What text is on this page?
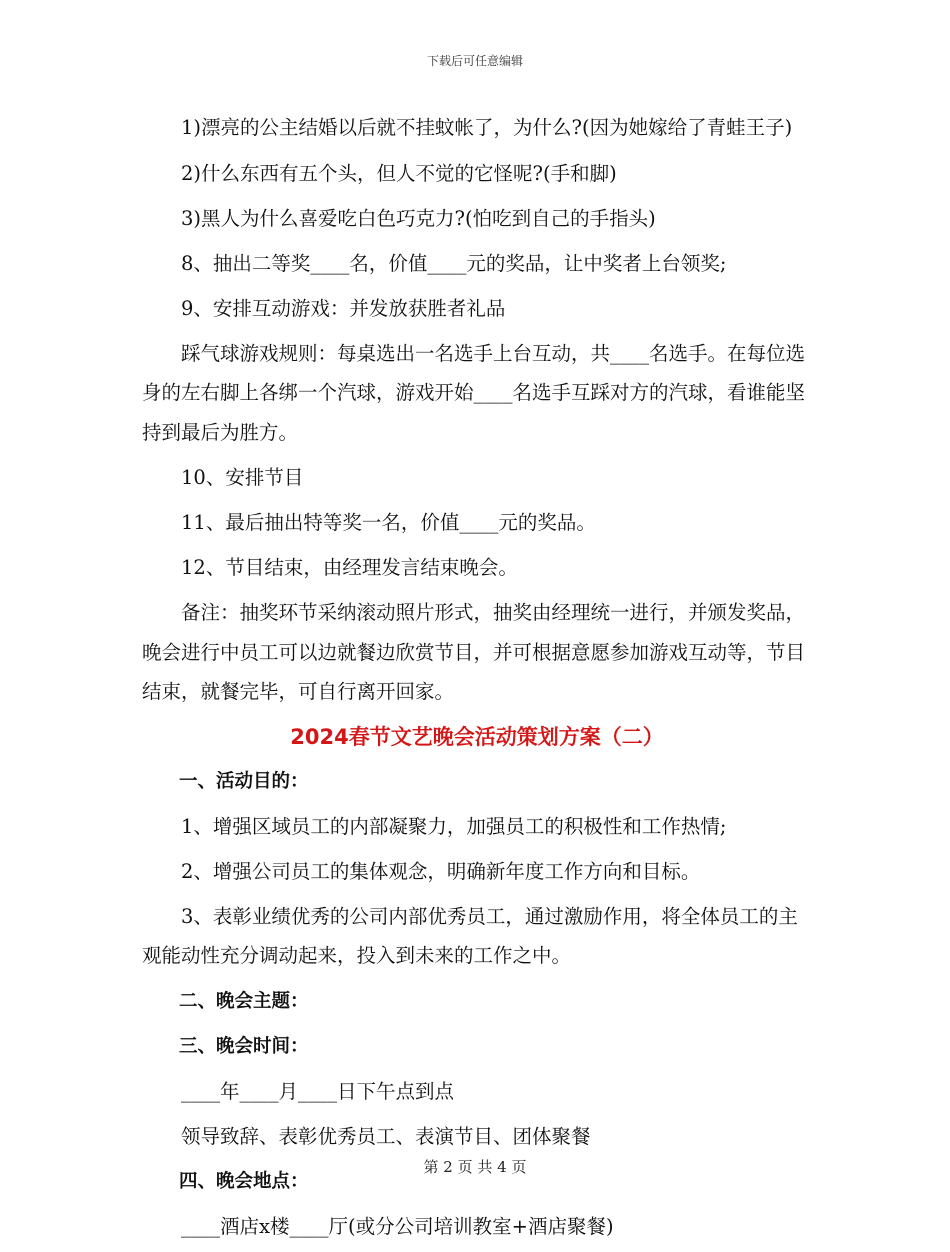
下载后可任意编辑
1)漂亮的公主结婚以后就不挂蚊帐了，为什么?(因为她嫁给了青蛙王子)
2)什么东西有五个头，但人不觉的它怪呢?(手和脚)
3)黑人为什么喜爱吃白色巧克力?(怕吃到自己的手指头)
8、抽出二等奖____名，价值____元的奖品，让中奖者上台领奖;
9、安排互动游戏：并发放获胜者礼品
踩气球游戏规则：每桌选出一名选手上台互动，共____名选手。在每位选身的左右脚上各绑一个汽球，游戏开始____名选手互踩对方的汽球，看谁能坚持到最后为胜方。
10、安排节目
11、最后抽出特等奖一名，价值____元的奖品。
12、节目结束，由经理发言结束晚会。
备注：抽奖环节采纳滚动照片形式，抽奖由经理统一进行，并颁发奖品，晚会进行中员工可以边就餐边欣赏节目，并可根据意愿参加游戏互动等，节目结束，就餐完毕，可自行离开回家。
2024春节文艺晚会活动策划方案（二）
一、活动目的：
1、增强区域员工的内部凝聚力，加强员工的积极性和工作热情;
2、增强公司员工的集体观念，明确新年度工作方向和目标。
3、表彰业绩优秀的公司内部优秀员工，通过激励作用，将全体员工的主观能动性充分调动起来，投入到未来的工作之中。
二、晚会主题：
三、晚会时间：
____年____月____日下午点到点
领导致辞、表彰优秀员工、表演节目、团体聚餐
四、晚会地点：
____酒店x楼____厅(或分公司培训教室+酒店聚餐)
第 2 页 共 4 页
